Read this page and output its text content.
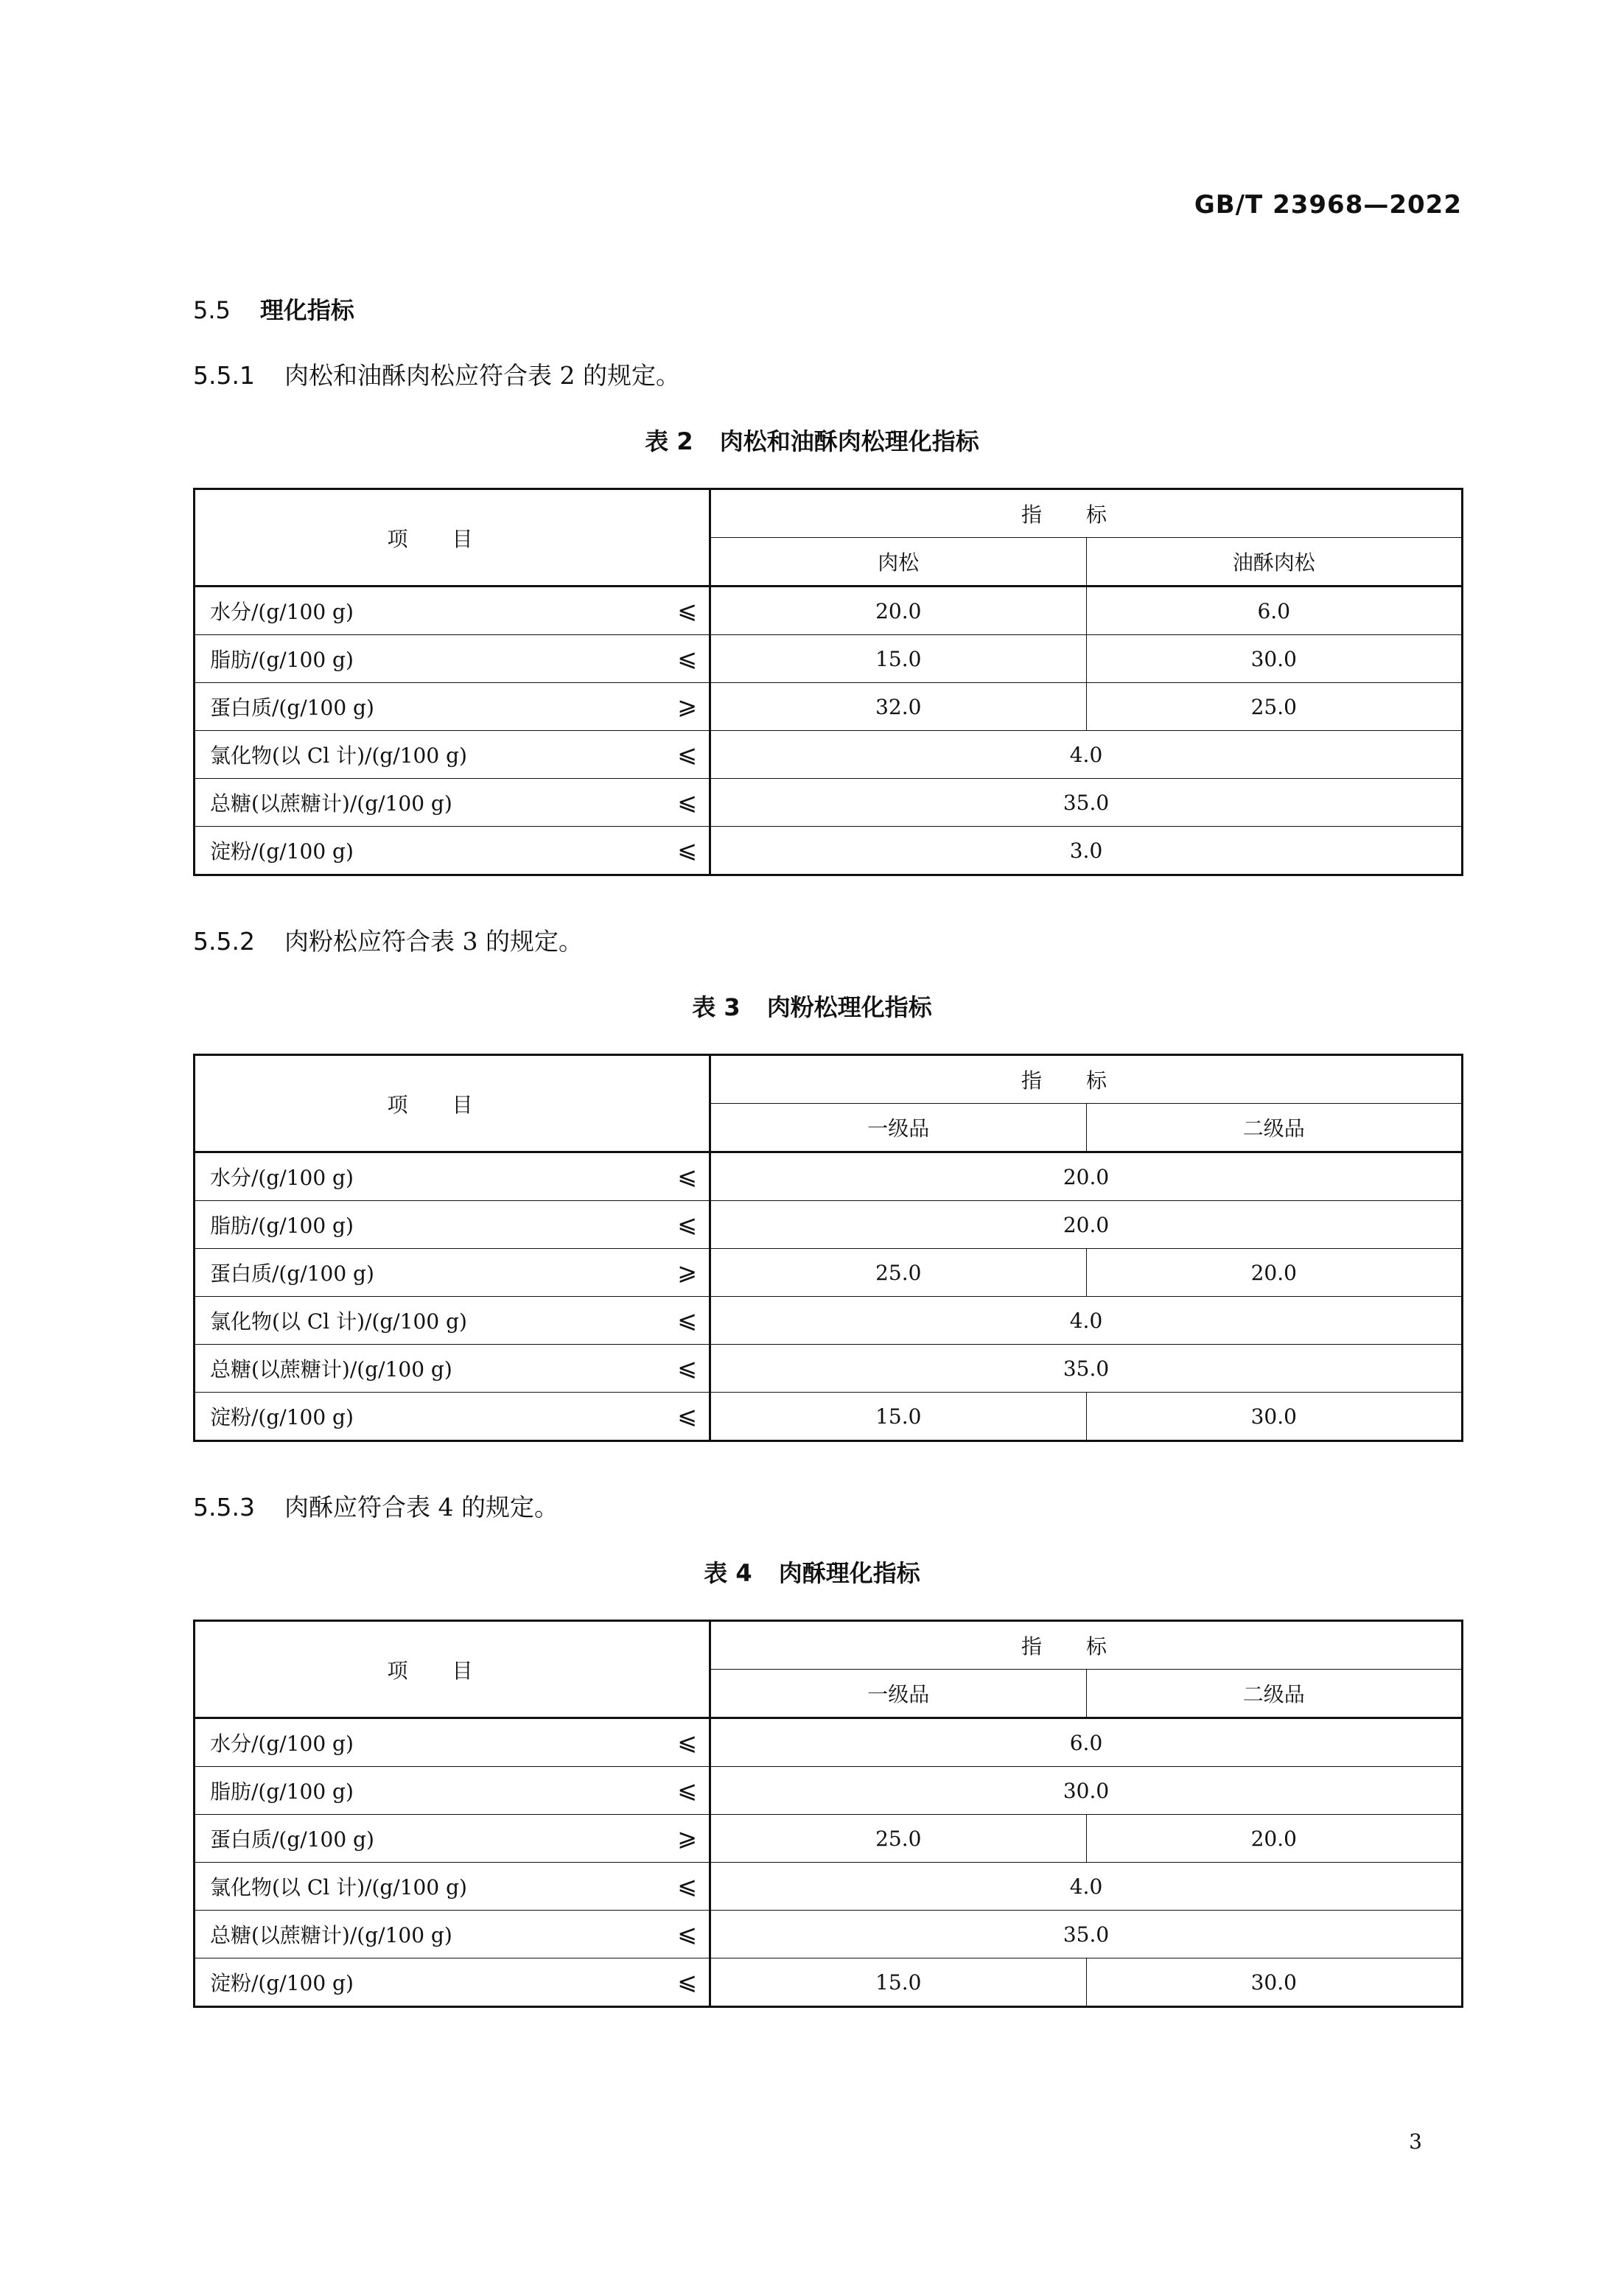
GB/T 23968—2022
5.5 理化指标
5.5.1 肉松和油酥肉松应符合表 2 的规定。
表 2 肉松和油酥肉松理化指标
项目	指标	
	肉松	油酥肉松
水分/(g/100 g) ⩽	20.0	6.0
脂肪/(g/100 g) ⩽	15.0	30.0
蛋白质/(g/100 g) ⩾	32.0	25.0
氯化物(以 Cl 计)/(g/100 g) ⩽	4.0	
总糖(以蔗糖计)/(g/100 g) ⩽	35.0	
淀粉/(g/100 g) ⩽	3.0	
5.5.2 肉粉松应符合表 3 的规定。
表 3 肉粉松理化指标
项目	指标	
	一级品	二级品
水分/(g/100 g) ⩽	20.0	
脂肪/(g/100 g) ⩽	20.0	
蛋白质/(g/100 g) ⩾	25.0	20.0
氯化物(以 Cl 计)/(g/100 g) ⩽	4.0	
总糖(以蔗糖计)/(g/100 g) ⩽	35.0	
淀粉/(g/100 g) ⩽	15.0	30.0
5.5.3 肉酥应符合表 4 的规定。
表 4 肉酥理化指标
项目	指标	
	一级品	二级品
水分/(g/100 g) ⩽	6.0	
脂肪/(g/100 g) ⩽	30.0	
蛋白质/(g/100 g) ⩾	25.0	20.0
氯化物(以 Cl 计)/(g/100 g) ⩽	4.0	
总糖(以蔗糖计)/(g/100 g) ⩽	35.0	
淀粉/(g/100 g) ⩽	15.0	30.0
3
